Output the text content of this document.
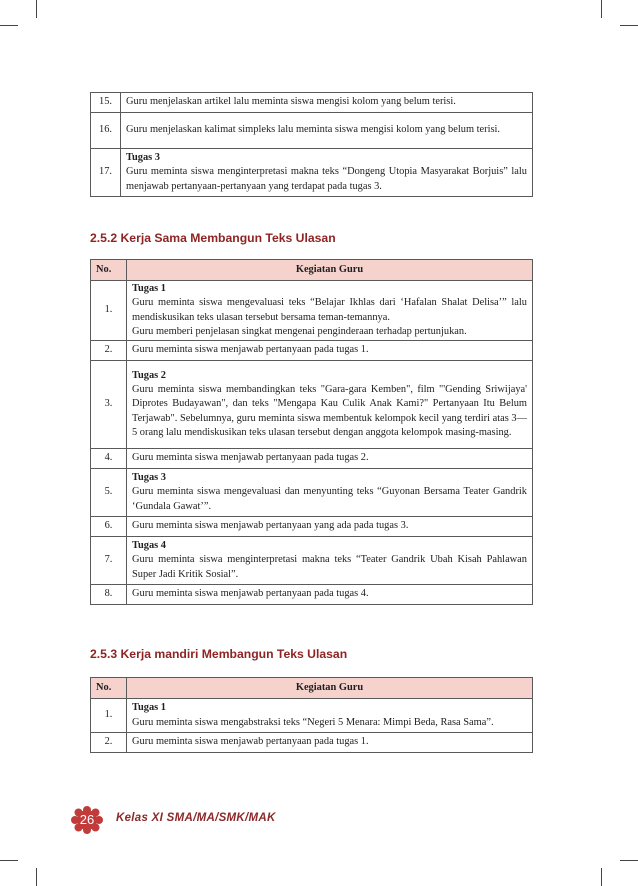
15.	Guru menjelaskan artikel lalu meminta siswa mengisi kolom yang belum terisi.

16.	Guru menjelaskan kalimat simpleks lalu meminta siswa mengisi kolom yang belum terisi.

17.	Tugas 3
Guru meminta siswa menginterpretasi makna teks “Dongeng Utopia Masyarakat Borjuis” lalu menjawab pertanyaan-pertanyaan yang terdapat pada tugas 3.
2.5.2 Kerja Sama Membangun Teks Ulasan
No.	Kegiatan Guru
1.	Tugas 1
Guru meminta siswa mengevaluasi teks “Belajar Ikhlas dari ‘Hafalan Shalat Delisa’” lalu mendiskusikan teks ulasan tersebut bersama teman-temannya.
Guru memberi penjelasan singkat mengenai penginderaan terhadap pertunjukan.

2.	Guru meminta siswa menjawab pertanyaan pada tugas 1.

3.	Tugas 2
Guru meminta siswa membandingkan teks "Gara-gara Kemben", film "'Gending Sriwijaya' Diprotes Budayawan", dan teks "Mengapa Kau Culik Anak Kami?" Pertanyaan Itu Belum Terjawab". Sebelumnya, guru meminta siswa membentuk kelompok kecil yang terdiri atas 3—5 orang lalu mendiskusikan teks ulasan tersebut dengan anggota kelompok masing-masing.

4.	Guru meminta siswa menjawab pertanyaan pada tugas 2.

5.	Tugas 3
Guru meminta siswa mengevaluasi dan menyunting teks “Guyonan Bersama Teater Gandrik ‘Gundala Gawat’”.

6.	Guru meminta siswa menjawab pertanyaan yang ada pada tugas 3.

7.	Tugas 4
Guru meminta siswa menginterpretasi makna teks “Teater Gandrik Ubah Kisah Pahlawan Super Jadi Kritik Sosial”.

8.	Guru meminta siswa menjawab pertanyaan pada tugas 4.
2.5.3 Kerja mandiri Membangun Teks Ulasan
No.	Kegiatan Guru
1.	Tugas 1
Guru meminta siswa mengabstraksi teks “Negeri 5 Menara: Mimpi Beda, Rasa Sama”.

2.	Guru meminta siswa menjawab pertanyaan pada tugas 1.
26	Kelas XI SMA/MA/SMK/MAK
